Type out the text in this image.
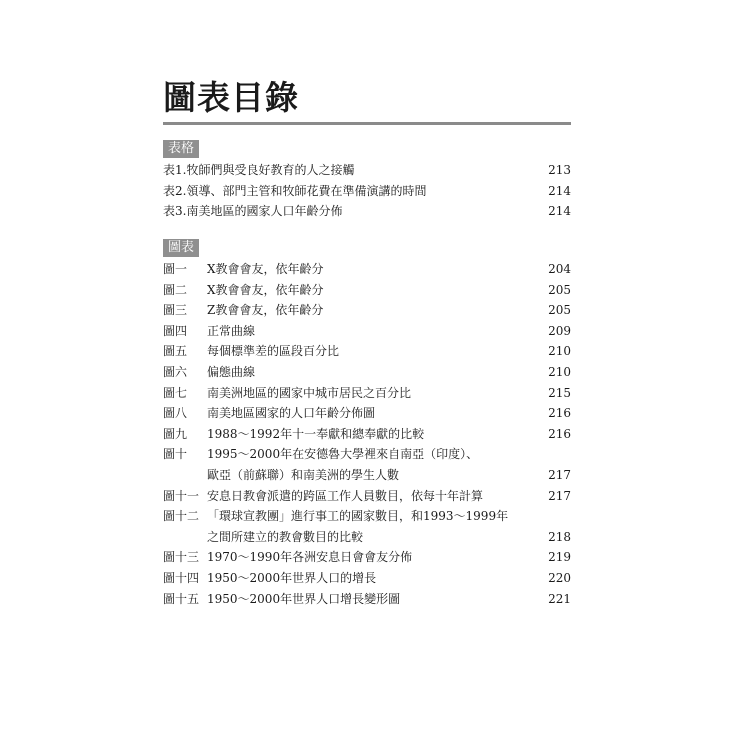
圖表目錄
表格
表1.牧師們與受良好教育的人之接觸	213
表2.領導、部門主管和牧師花費在準備演講的時間	214
表3.南美地區的國家人口年齡分佈	214
圖表
圖一 X教會會友，依年齡分	204
圖二 X教會會友，依年齡分	205
圖三 Z教會會友，依年齡分	205
圖四 正常曲線	209
圖五 每個標準差的區段百分比	210
圖六 偏態曲線	210
圖七 南美洲地區的國家中城市居民之百分比	215
圖八 南美地區國家的人口年齡分佈圖	216
圖九 1988～1992年十一奉獻和總奉獻的比較	216
圖十 1995～2000年在安德魯大學裡來自南亞（印度）、
歐亞（前蘇聯）和南美洲的學生人數	217
圖十一 安息日教會派遣的跨區工作人員數目，依每十年計算	217
圖十二 「環球宣教團」進行事工的國家數目，和1993～1999年
之間所建立的教會數目的比較	218
圖十三 1970～1990年各洲安息日會會友分佈	219
圖十四 1950～2000年世界人口的增長	220
圖十五 1950～2000年世界人口增長變形圖	221
